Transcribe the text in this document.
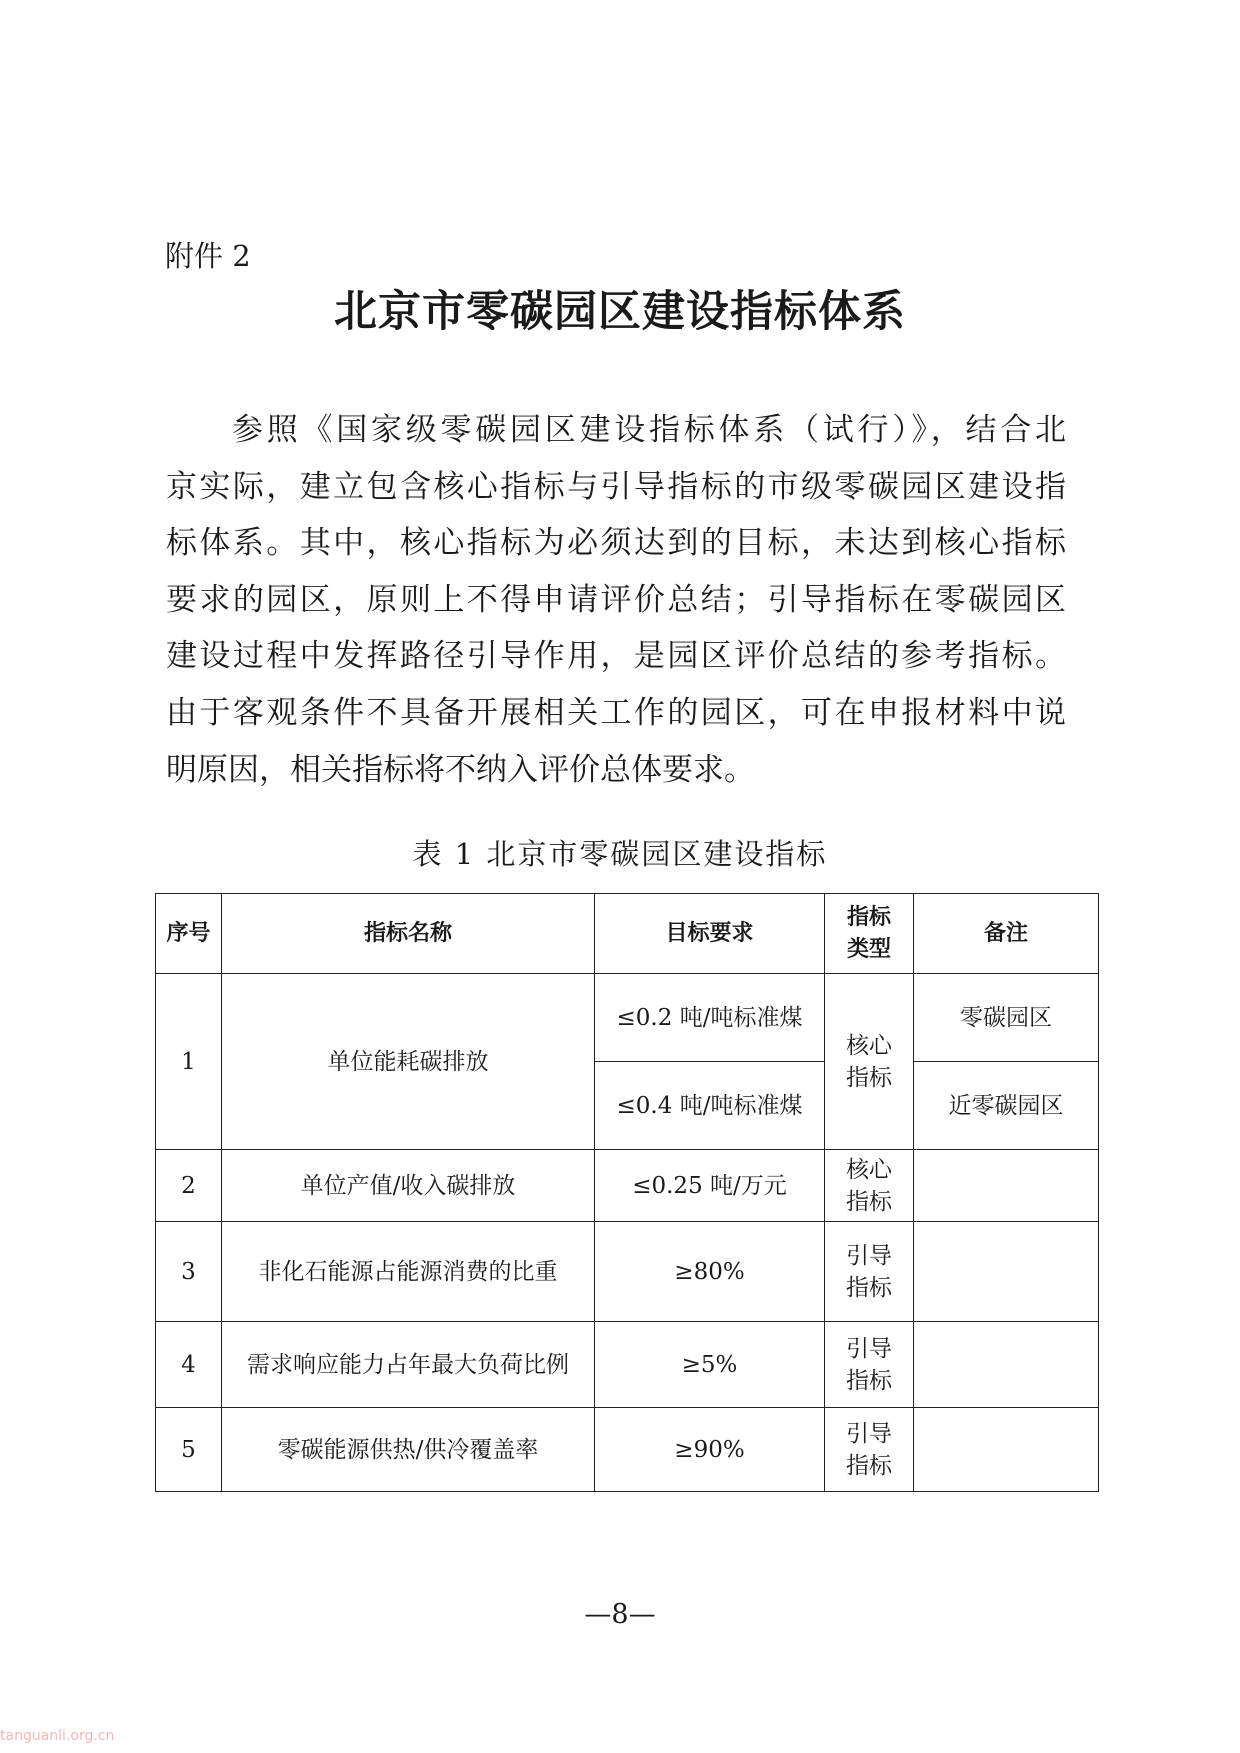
附件 2
北京市零碳园区建设指标体系
参照《国家级零碳园区建设指标体系（试行）》，结合北
京实际，建立包含核心指标与引导指标的市级零碳园区建设指
标体系。其中，核心指标为必须达到的目标，未达到核心指标
要求的园区，原则上不得申请评价总结；引导指标在零碳园区
建设过程中发挥路径引导作用，是园区评价总结的参考指标。
由于客观条件不具备开展相关工作的园区，可在申报材料中说
明原因，相关指标将不纳入评价总体要求。
表 1 北京市零碳园区建设指标
序号	指标名称	目标要求	指标类型	备注
1	单位能耗碳排放	≤0.2 吨/吨标准煤	核心指标	零碳园区
		≤0.4 吨/吨标准煤		近零碳园区
2	单位产值/收入碳排放	≤0.25 吨/万元	核心指标	
3	非化石能源占能源消费的比重	≥80%	引导指标	
4	需求响应能力占年最大负荷比例	≥5%	引导指标	
5	零碳能源供热/供冷覆盖率	≥90%	引导指标	
—8—
tanguanli.org.cn
